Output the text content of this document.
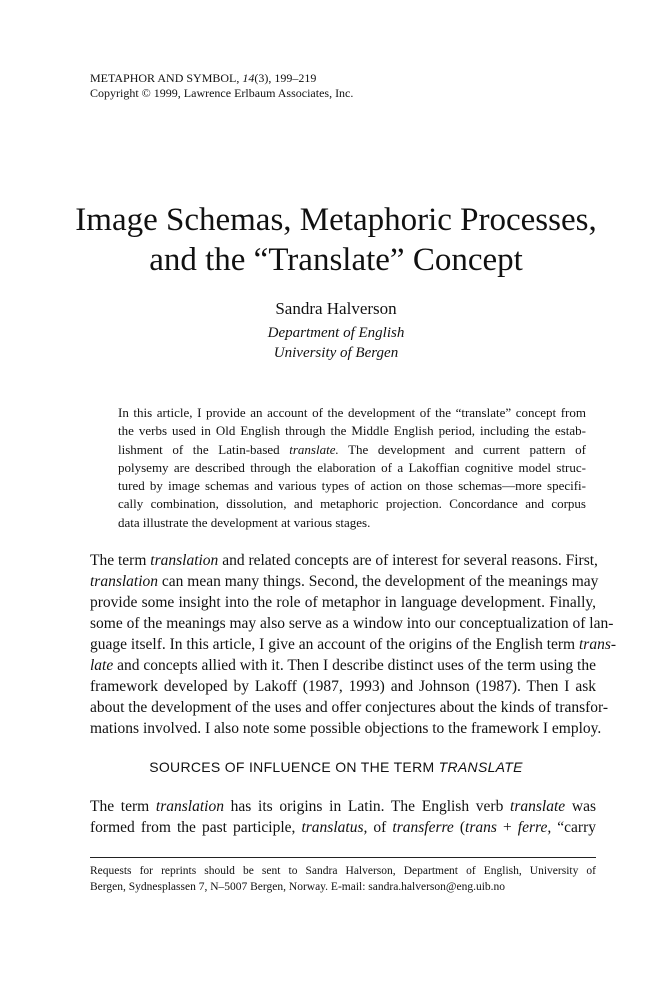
METAPHOR AND SYMBOL, 14(3), 199–219
Copyright © 1999, Lawrence Erlbaum Associates, Inc.
Image Schemas, Metaphoric Processes,
and the “Translate” Concept
Sandra Halverson
Department of English
University of Bergen
In this article, I provide an account of the development of the “translate” concept from
the verbs used in Old English through the Middle English period, including the estab-
lishment of the Latin-based translate. The development and current pattern of
polysemy are described through the elaboration of a Lakoffian cognitive model struc-
tured by image schemas and various types of action on those schemas—more specifi-
cally combination, dissolution, and metaphoric projection. Concordance and corpus
data illustrate the development at various stages.
The term translation and related concepts are of interest for several reasons. First,
translation can mean many things. Second, the development of the meanings may
provide some insight into the role of metaphor in language development. Finally,
some of the meanings may also serve as a window into our conceptualization of lan-
guage itself. In this article, I give an account of the origins of the English term trans-
late and concepts allied with it. Then I describe distinct uses of the term using the
framework developed by Lakoff (1987, 1993) and Johnson (1987). Then I ask
about the development of the uses and offer conjectures about the kinds of transfor-
mations involved. I also note some possible objections to the framework I employ.
SOURCES OF INFLUENCE ON THE TERM TRANSLATE
The term translation has its origins in Latin. The English verb translate was
formed from the past participle, translatus, of transferre (trans + ferre, “carry
Requests for reprints should be sent to Sandra Halverson, Department of English, University of
Bergen, Sydnesplassen 7, N–5007 Bergen, Norway. E-mail: sandra.halverson@eng.uib.no
